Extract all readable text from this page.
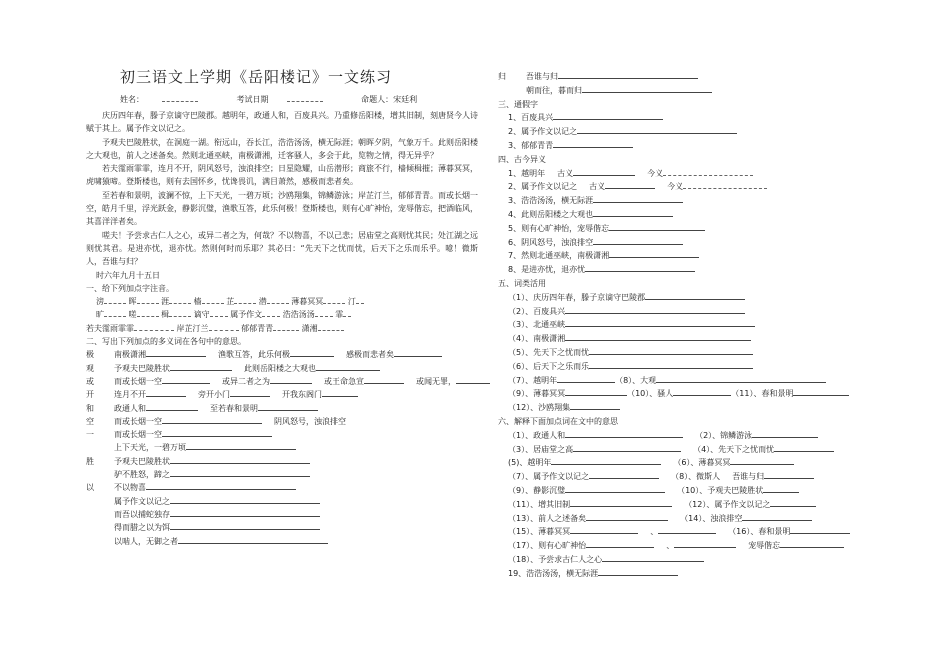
初三语文上学期《岳阳楼记》一文练习
姓名：	考试日期	命题人：宋廷利

庆历四年春，滕子京谪守巴陵郡。越明年，政通人和，百废具兴。乃重修岳阳楼，增其旧制，刻唐贤今人诗赋于其上。属予作文以记之。

予观夫巴陵胜状，在洞庭一湖。衔远山，吞长江，浩浩汤汤，横无际涯；朝晖夕阴，气象万千。此则岳阳楼之大观也，前人之述备矣。然则北通巫峡，南极潇湘，迁客骚人，多会于此，览物之情，得无异乎？

若夫霪雨霏霏，连月不开，阴风怒号，浊浪排空；日星隐耀，山岳潜形；商旅不行，樯倾楫摧；薄暮冥冥，虎啸猿啼。登斯楼也，则有去国怀乡，忧谗畏讥，满目萧然，感极而悲者矣。

至若春和景明，波澜不惊，上下天光，一碧万顷；沙鸥翔集，锦鳞游泳；岸芷汀兰，郁郁青青。而或长烟一空，皓月千里，浮光跃金，静影沉璧，渔歌互答，此乐何极！登斯楼也，则有心旷神怡，宠辱偕忘，把酒临风，其喜洋洋者矣。

嗟夫！予尝求古仁人之心，或异二者之为，何哉？不以物喜，不以己悲；居庙堂之高则忧其民；处江湖之远则忧其君。是进亦忧，退亦忧。然则何时而乐耶？其必曰：“先天下之忧而忧，后天下之乐而乐乎。噫！微斯人，吾谁与归？

时六年九月十五日
一、给下列加点字注音。
滂	晖	涯	樯	芷	潜	薄暮冥冥	汀
旷	嗟	楫	谪守	属予作文	浩浩汤汤	霏
若夫霪雨霏霏	岸芷汀兰	郁郁青青	潇湘
二、写出下列加点的多义词在各句中的意思。
极	南极潇湘	渔歌互答，此乐何极	感极而悲者矣
观	予观夫巴陵胜状	此则岳阳楼之大观也
或	而或长烟一空	或异二者之为	或王命急宣	或闻无罪，
开	连月不开	旁开小门	开我东阁门
和	政通人和	至若春和景明
空	而或长烟一空	阴风怒号，浊浪排空
一	而或长烟一空
上下天光，一碧万顷
胜	予观夫巴陵胜状
驴不胜怒，蹄之
以	不以物喜
属予作文以记之
而吾以捕蛇独存
得而腊之以为饵
以啮人，无御之者
归	吾谁与归
朝而往，暮而归
三、通假字
1、百废具兴
2、属予作文以记之
3、郁郁青青
四、古今异义
1、越明年 古义	今义
2、属予作文以记之 古义	今义
3、浩浩汤汤，横无际涯
4、此则岳阳楼之大观也
5、则有心旷神怡，宠辱偕忘
6、阴风怒号，浊浪排空
7、然则北通巫峡，南极潇湘
8、是进亦忧，退亦忧
五、词类活用
（1）、庆历四年春，滕子京谪守巴陵郡
（2）、百废具兴
（3）、北通巫峡
（4）、南极潇湘
（5）、先天下之忧而忧
（6）、后天下之乐而乐
（7）、越明年	（8）、大观
（9）、薄暮冥冥	（10）、骚人	（11）、春和景明
（12）、沙鸥翔集
六、解释下面加点词在文中的意思
（1）、政通人和	（2）、锦鳞游泳
（3）、居庙堂之高	（4）、先天下之忧而忧
(5)、越明年	（6）、薄暮冥冥
（7）、属予作文以记之	（8）、微斯人 吾谁与归
（9）、静影沉璧	（10）、予观夫巴陵胜状
（11）、增其旧制	（12）、属予作文以记之
（13）、前人之述备矣	（14）、浊浪排空
（15）、薄暮冥冥	、	（16）、春和景明
（17）、则有心旷神怡	、	宠辱偕忘
（18）、予尝求古仁人之心
19、浩浩汤汤，横无际涯
